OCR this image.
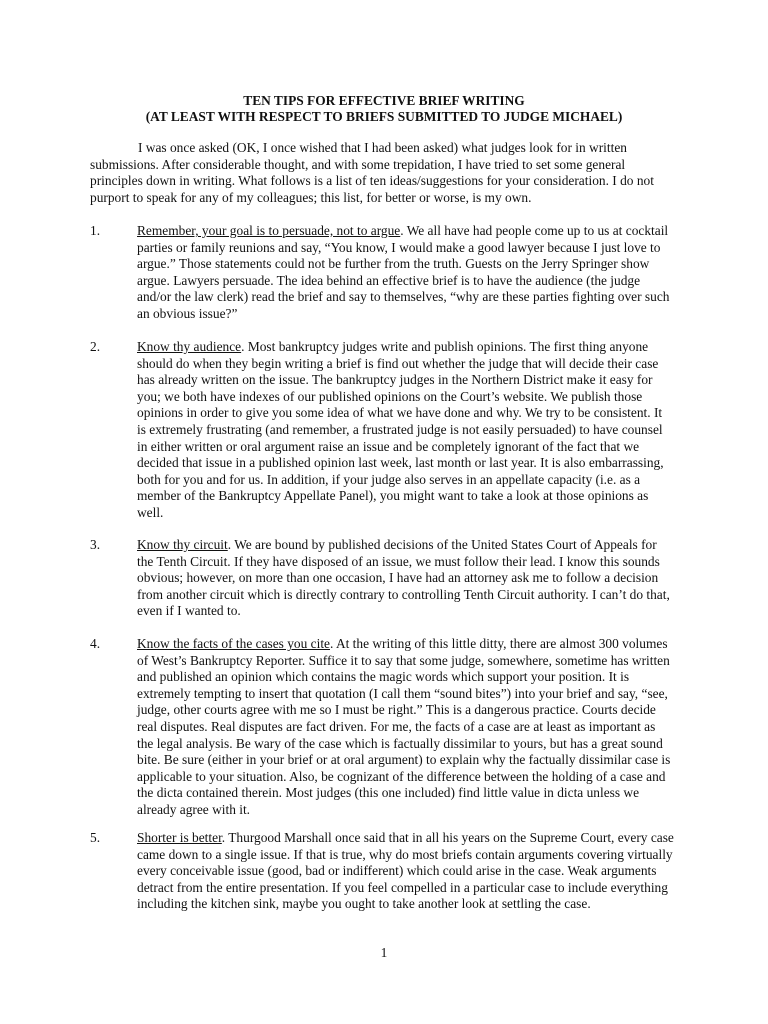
TEN TIPS FOR EFFECTIVE BRIEF WRITING

(AT LEAST WITH RESPECT TO BRIEFS SUBMITTED TO JUDGE MICHAEL)

I was once asked (OK, I once wished that I had been asked) what judges look for in written submissions. After considerable thought, and with some trepidation, I have tried to set some general principles down in writing. What follows is a list of ten ideas/suggestions for your consideration. I do not purport to speak for any of my colleagues; this list, for better or worse, is my own.

1.	Remember, your goal is to persuade, not to argue. We all have had people come up to us at cocktail parties or family reunions and say, “You know, I would make a good lawyer because I just love to argue.” Those statements could not be further from the truth. Guests on the Jerry Springer show argue. Lawyers persuade. The idea behind an effective brief is to have the audience (the judge and/or the law clerk) read the brief and say to themselves, “why are these parties fighting over such an obvious issue?”
2.	Know thy audience. Most bankruptcy judges write and publish opinions. The first thing anyone should do when they begin writing a brief is find out whether the judge that will decide their case has already written on the issue. The bankruptcy judges in the Northern District make it easy for you; we both have indexes of our published opinions on the Court’s website. We publish those opinions in order to give you some idea of what we have done and why. We try to be consistent. It is extremely frustrating (and remember, a frustrated judge is not easily persuaded) to have counsel in either written or oral argument raise an issue and be completely ignorant of the fact that we decided that issue in a published opinion last week, last month or last year. It is also embarrassing, both for you and for us. In addition, if your judge also serves in an appellate capacity (i.e. as a member of the Bankruptcy Appellate Panel), you might want to take a look at those opinions as well.
3.	Know thy circuit. We are bound by published decisions of the United States Court of Appeals for the Tenth Circuit. If they have disposed of an issue, we must follow their lead. I know this sounds obvious; however, on more than one occasion, I have had an attorney ask me to follow a decision from another circuit which is directly contrary to controlling Tenth Circuit authority. I can’t do that, even if I wanted to.
4.	Know the facts of the cases you cite. At the writing of this little ditty, there are almost 300 volumes of West’s Bankruptcy Reporter. Suffice it to say that some judge, somewhere, sometime has written and published an opinion which contains the magic words which support your position. It is extremely tempting to insert that quotation (I call them “sound bites”) into your brief and say, “see, judge, other courts agree with me so I must be right.” This is a dangerous practice. Courts decide real disputes. Real disputes are fact driven. For me, the facts of a case are at least as important as the legal analysis. Be wary of the case which is factually dissimilar to yours, but has a great sound bite. Be sure (either in your brief or at oral argument) to explain why the factually dissimilar case is applicable to your situation. Also, be cognizant of the difference between the holding of a case and the dicta contained therein. Most judges (this one included) find little value in dicta unless we already agree with it.
5.	Shorter is better. Thurgood Marshall once said that in all his years on the Supreme Court, every case came down to a single issue. If that is true, why do most briefs contain arguments covering virtually every conceivable issue (good, bad or indifferent) which could arise in the case. Weak arguments detract from the entire presentation. If you feel compelled in a particular case to include everything including the kitchen sink, maybe you ought to take another look at settling the case.
1
